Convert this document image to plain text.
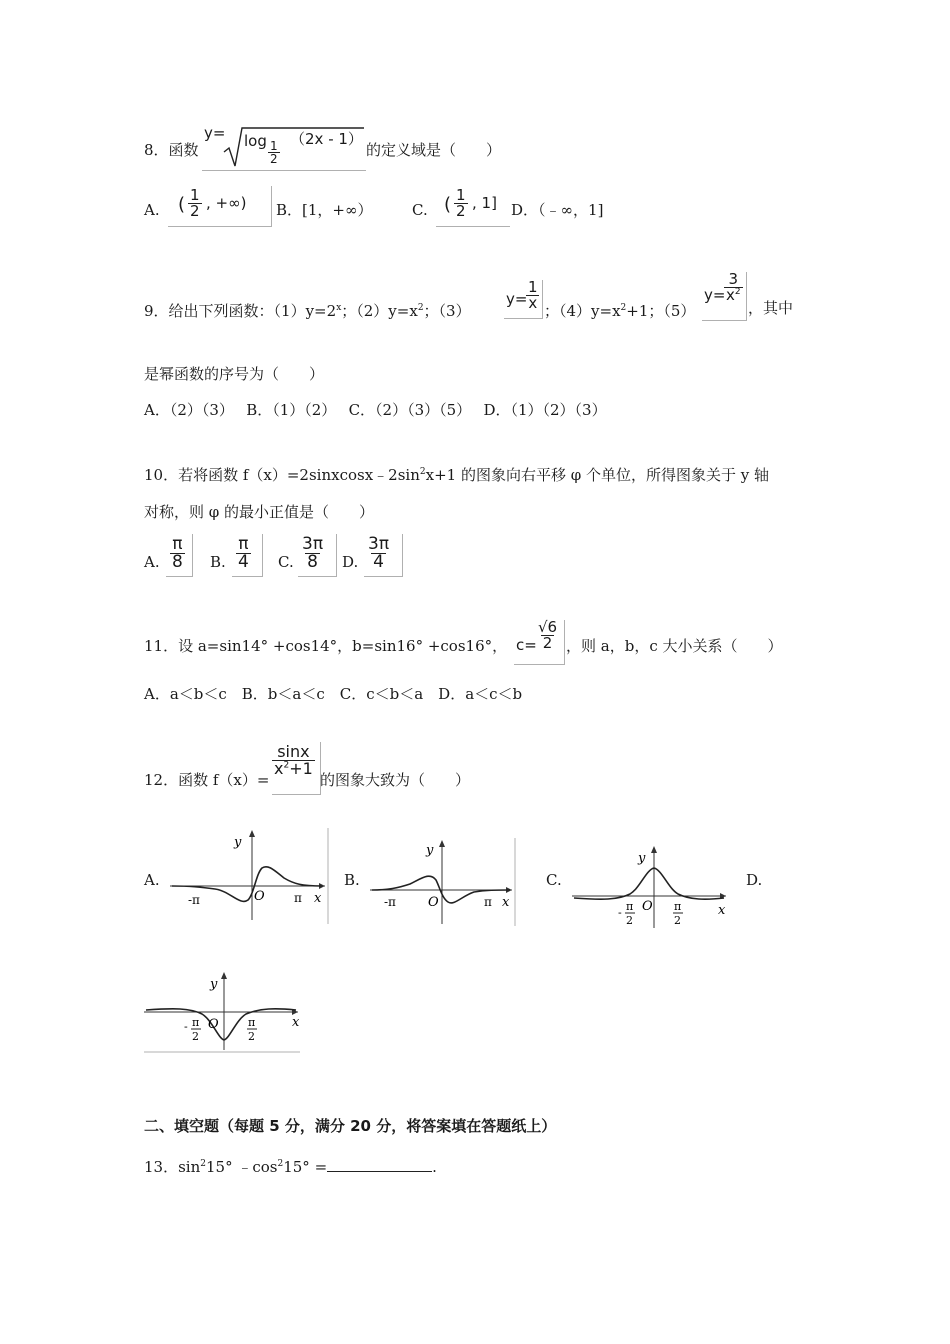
8．函数
$y= \log \frac{1}{2}$
（2x - 1）
的定义域是（　　）
A. ( $\frac{1}{2}$ , +∞) B．[1，+∞）	C. ( $\frac{1}{2}$ , 1] D．（﹣∞，1]
9．给出下列函数：$(1)y=2^x$；$(2)y=x^2$；（3）
y=
$\frac{1}{x}$ ；$(4)y=x^2+1$；（5）
y=
$\frac{3}{x^2}$
，其中
是幂函数的序号为（　　）
A．（2）（3）　 B．（1）（2）　 C．（2）（3）（5）　 D．（1）（2）（3）
10．若将函数 $f(x)=2sinxcosx﹣2\sin^2x+1$ 的图象向右平移 φ 个单位，所得图象关于 y 轴
对称，则 φ 的最小正值是（　　）
A. $\frac{\pi}{8} B$. $\frac{\pi}{4} C$. $\frac{3\pi}{8} D$. $\frac{3\pi}{4}$
11．设 a=sin14° +cos14°，b=sin16° +cos16°， $c= \frac{√6}{2}$ ，则 a，b，c 大小关系（　　）
A．a＜b＜c　B．b＜a＜c　C．c＜b＜a　D．a＜c＜b
12．函数 f（x）=
$\frac{\sin x}{x^2+1}$
的图象大致为（　　）
A.	B.	C.	D.
y
O
-π	π x
y
O
-π	π x
y
O
- π
2
π
2
x
y
O
- π
2
π
2
x
二、填空题（每题 5 分，满分 20 分，将答案填在答题纸上）
13．$\sin^215^\circ$ $﹣\cos^215^\circ$ =	.
